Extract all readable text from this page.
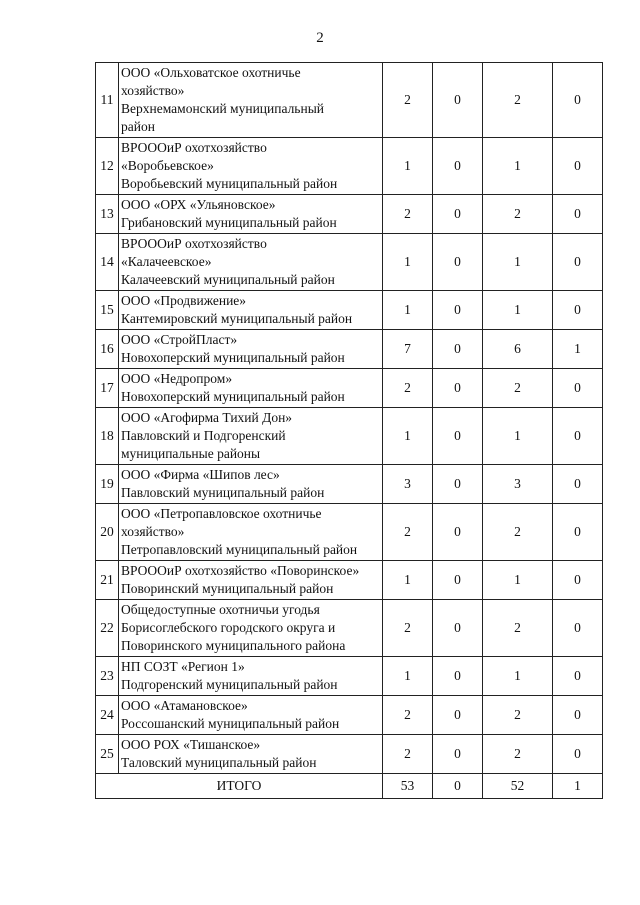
2
11	ООО «Ольховатское охотничье
хозяйство»
Верхнемамонский муниципальный
район	2	0	2	0
12	ВРОООиР охотхозяйство
«Воробьевское»
Воробьевский муниципальный район	1	0	1	0
13	ООО «ОРХ «Ульяновское»
Грибановский муниципальный район	2	0	2	0
14	ВРОООиР охотхозяйство
«Калачеевское»
Калачеевский муниципальный район	1	0	1	0
15	ООО «Продвижение»
Кантемировский муниципальный район	1	0	1	0
16	ООО «СтройПласт»
Новохоперский муниципальный район	7	0	6	1
17	ООО «Недропром»
Новохоперский муниципальный район	2	0	2	0
18	ООО «Агофирма Тихий Дон»
Павловский и Подгоренский
муниципальные районы	1	0	1	0
19	ООО «Фирма «Шипов лес»
Павловский муниципальный район	3	0	3	0
20	ООО «Петропавловское охотничье
хозяйство»
Петропавловский муниципальный район	2	0	2	0
21	ВРОООиР охотхозяйство «Поворинское»
Поворинский муниципальный район	1	0	1	0
22	Общедоступные охотничьи угодья
Борисоглебского городского округа и
Поворинского муниципального района	2	0	2	0
23	НП СОЗТ «Регион 1»
Подгоренский муниципальный район	1	0	1	0
24	ООО «Атамановское»
Россошанский муниципальный район	2	0	2	0
25	ООО РОХ «Тишанское»
Таловский муниципальный район	2	0	2	0
ИТОГО		53	0	52	1
